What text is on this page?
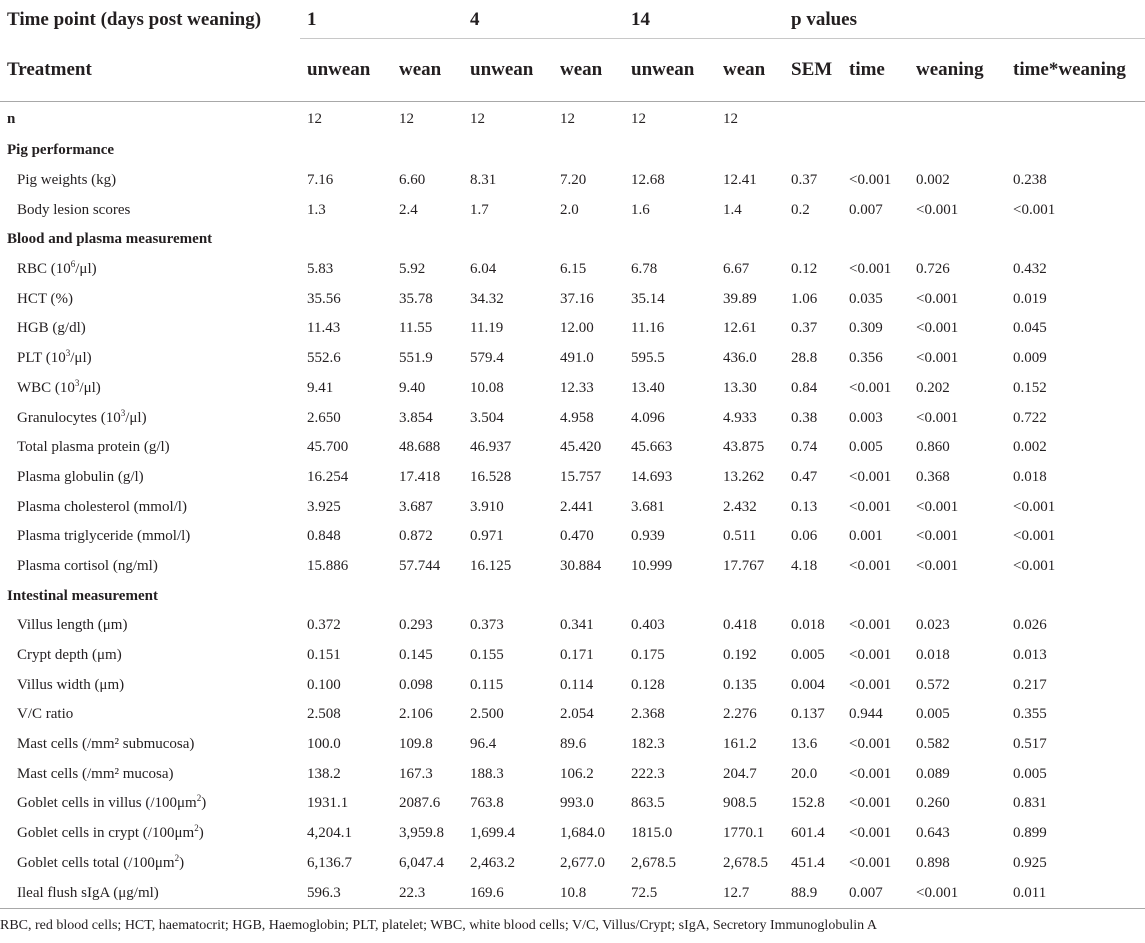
Time point (days post weaning)	1		4		14		p values			
Treatment	unwean	wean	unwean	wean	unwean	wean	SEM	time	weaning	time*weaning

n	12	12	12	12	12	12				
Pig performance										
Pig weights (kg)	7.16	6.60	8.31	7.20	12.68	12.41	0.37	<0.001	0.002	0.238
Body lesion scores	1.3	2.4	1.7	2.0	1.6	1.4	0.2	0.007	<0.001	<0.001
Blood and plasma measurement										
RBC $(10^6/\mu l)$	5.83	5.92	6.04	6.15	6.78	6.67	0.12	<0.001	0.726	0.432
HCT (%)	35.56	35.78	34.32	37.16	35.14	39.89	1.06	0.035	<0.001	0.019
HGB (g/dl)	11.43	11.55	11.19	12.00	11.16	12.61	0.37	0.309	<0.001	0.045
PLT $(10^3/\mu l)$	552.6	551.9	579.4	491.0	595.5	436.0	28.8	0.356	<0.001	0.009
WBC $(10^3/\mu l)$	9.41	9.40	10.08	12.33	13.40	13.30	0.84	<0.001	0.202	0.152
Granulocytes $(10^3/\mu l)$	2.650	3.854	3.504	4.958	4.096	4.933	0.38	0.003	<0.001	0.722
Total plasma protein (g/l)	45.700	48.688	46.937	45.420	45.663	43.875	0.74	0.005	0.860	0.002
Plasma globulin (g/l)	16.254	17.418	16.528	15.757	14.693	13.262	0.47	<0.001	0.368	0.018
Plasma cholesterol (mmol/l)	3.925	3.687	3.910	2.441	3.681	2.432	0.13	<0.001	<0.001	<0.001
Plasma triglyceride (mmol/l)	0.848	0.872	0.971	0.470	0.939	0.511	0.06	0.001	<0.001	<0.001
Plasma cortisol (ng/ml)	15.886	57.744	16.125	30.884	10.999	17.767	4.18	<0.001	<0.001	<0.001
Intestinal measurement										
Villus length (μm)	0.372	0.293	0.373	0.341	0.403	0.418	0.018	<0.001	0.023	0.026
Crypt depth (μm)	0.151	0.145	0.155	0.171	0.175	0.192	0.005	<0.001	0.018	0.013
Villus width (μm)	0.100	0.098	0.115	0.114	0.128	0.135	0.004	<0.001	0.572	0.217
V/C ratio	2.508	2.106	2.500	2.054	2.368	2.276	0.137	0.944	0.005	0.355
Mast cells (/mm² submucosa)	100.0	109.8	96.4	89.6	182.3	161.2	13.6	<0.001	0.582	0.517
Mast cells (/mm² mucosa)	138.2	167.3	188.3	106.2	222.3	204.7	20.0	<0.001	0.089	0.005
Goblet cells in villus $(/100\mu m^2)$	1931.1	2087.6	763.8	993.0	863.5	908.5	152.8	<0.001	0.260	0.831
Goblet cells in crypt $(/100\mu m^2)$	4,204.1	3,959.8	1,699.4	1,684.0	1815.0	1770.1	601.4	<0.001	0.643	0.899
Goblet cells total $(/100\mu m^2)$	6,136.7	6,047.4	2,463.2	2,677.0	2,678.5	2,678.5	451.4	<0.001	0.898	0.925
Ileal flush sIgA (μg/ml)	596.3	22.3	169.6	10.8	72.5	12.7	88.9	0.007	<0.001	0.011

RBC, red blood cells; HCT, haematocrit; HGB, Haemoglobin; PLT, platelet; WBC, white blood cells; V/C, Villus/Crypt; sIgA, Secretory Immunoglobulin A
